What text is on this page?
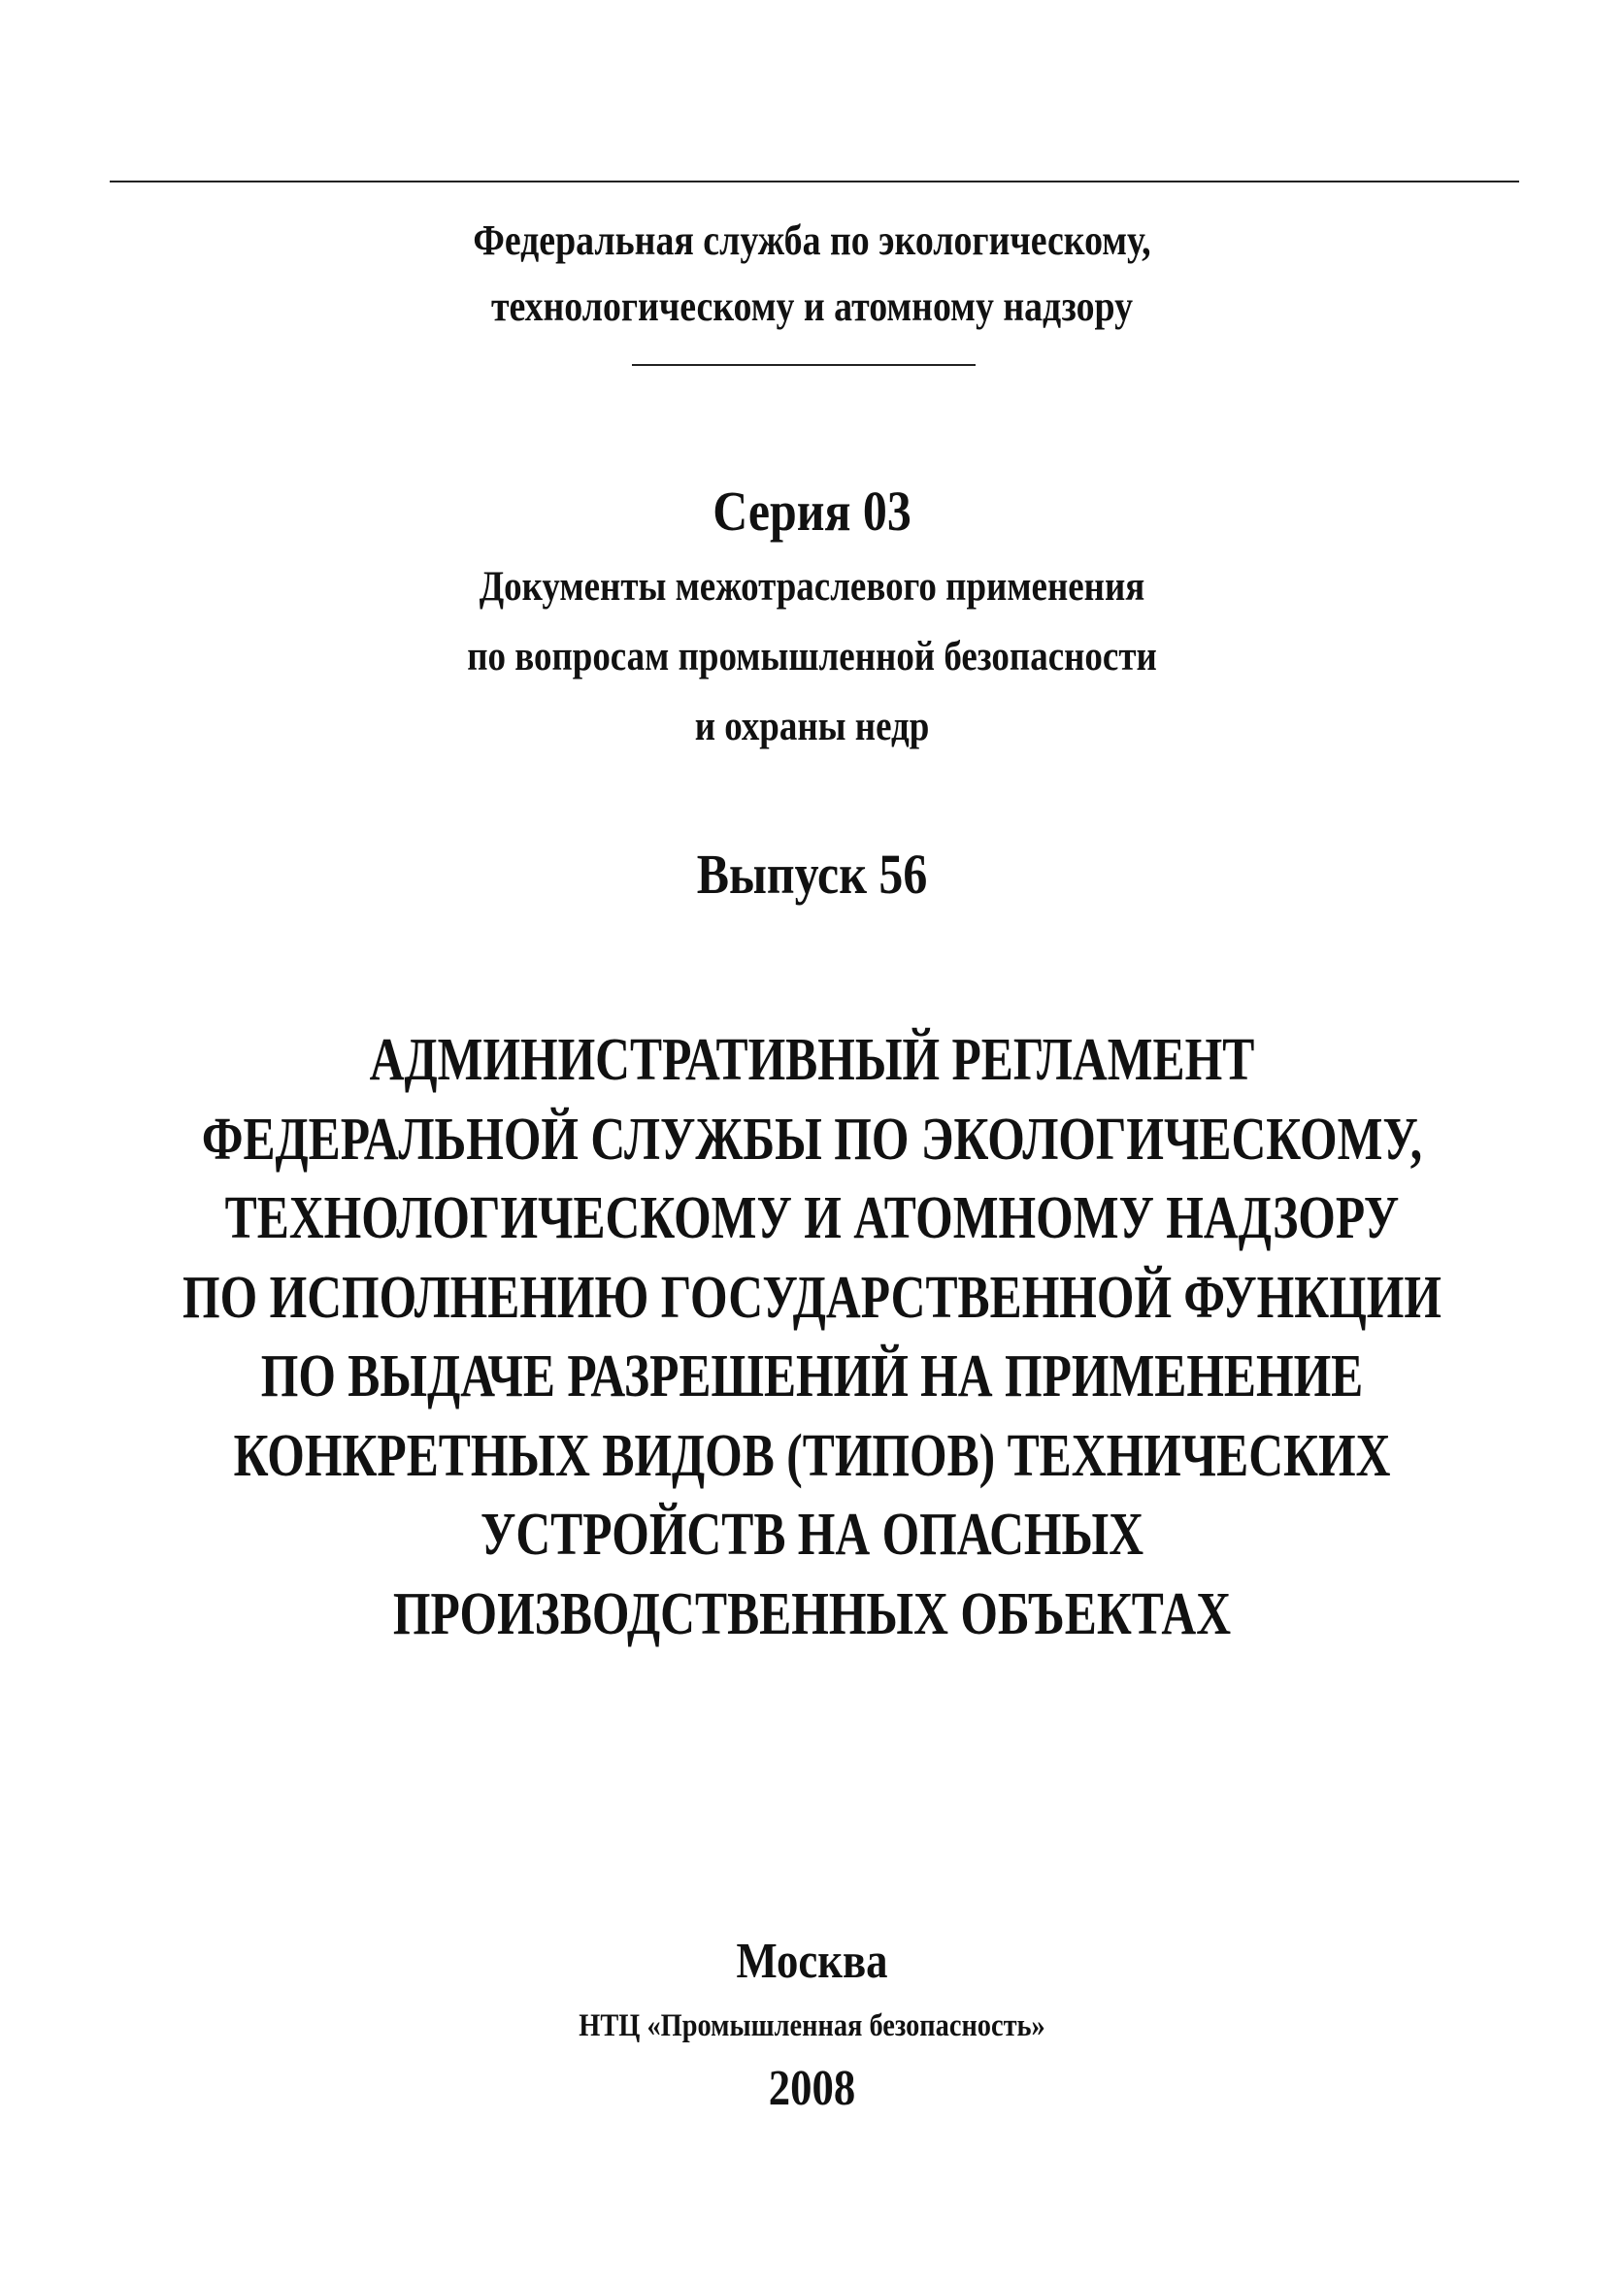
Федеральная служба по экологическому,
технологическому и атомному надзору
Серия 03
Документы межотраслевого применения
по вопросам промышленной безопасности
и охраны недр
Выпуск 56
АДМИНИСТРАТИВНЫЙ РЕГЛАМЕНТ
ФЕДЕРАЛЬНОЙ СЛУЖБЫ ПО ЭКОЛОГИЧЕСКОМУ,
ТЕХНОЛОГИЧЕСКОМУ И АТОМНОМУ НАДЗОРУ
ПО ИСПОЛНЕНИЮ ГОСУДАРСТВЕННОЙ ФУНКЦИИ
ПО ВЫДАЧЕ РАЗРЕШЕНИЙ НА ПРИМЕНЕНИЕ
КОНКРЕТНЫХ ВИДОВ (ТИПОВ) ТЕХНИЧЕСКИХ
УСТРОЙСТВ НА ОПАСНЫХ
ПРОИЗВОДСТВЕННЫХ ОБЪЕКТАХ
Москва
НТЦ «Промышленная безопасность»
2008
